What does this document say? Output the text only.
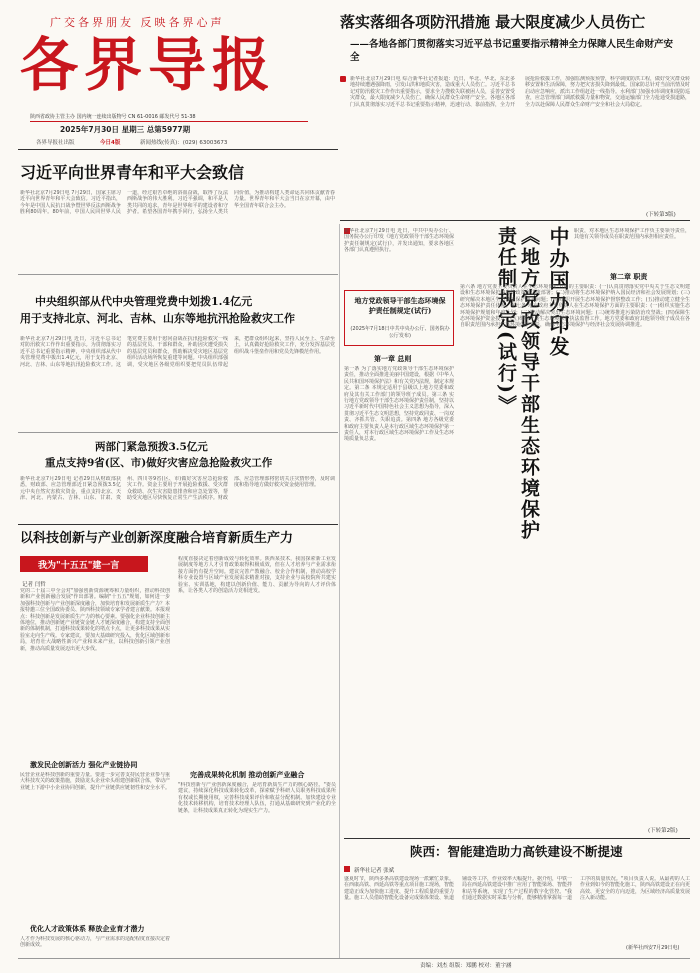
广交各界朋友 反映各界心声
各界导报
陕西省政协主管主办 国内统一连续出版物号 CN 61-0016 邮发代号 51-38
2025年7月30日 星期三 总第5977期
各界导报社出版	今日4版	新闻热线(传真)：(029) 63003673
落实落细各项防汛措施 最大限度减少人员伤亡
——各地各部门贯彻落实习近平总书记重要指示精神全力保障人民生命财产安全
新华社北京7月29日电 综合新华社记者报道：近日，华北、华北、东北多地持续遭遇强降雨，引发山洪和地质灾害，造成重大人员伤亡。习近平总书记对防汛救灾工作作出重要指示，要求全力搜救失联被困人员，妥善安置受灾群众，最大限度减少人员伤亡，确保人民群众生命财产安全。各地区各部门认真贯彻落实习近平总书记重要指示精神，迅速行动、靠前指挥，全力开展抢险救援工作，加强监测预报预警，科学调度防洪工程，做好受灾群众转移安置和生活保障，努力把灾害损失降到最低。国家防总针对当前汛情及时启动应急响应，派出工作组赶赴一线指导。水利部门加强水库调度和堤防巡查，应急管理部门调派救援力量和物资，交通运输部门全力抢通受损道路，全力以赴保障人民群众生命财产安全和社会大局稳定。
(下转第3版)
习近平向世界青年和平大会致信
新华社北京7月29日电 7月29日，国家主席习近平向世界青年和平大会致信。习近平指出，今年是中国人民抗日战争暨世界反法西斯战争胜利80周年。80年前，中国人民同世界人民一道，经过艰苦卓绝的浴血奋战，取得了反法西斯战争的伟大胜利。习近平强调，和平是人类共同的追求，青年是世界和平的建设者和守护者。希望各国青年携手同行，弘扬全人类共同价值，为推动构建人类命运共同体贡献青春力量。世界青年和平大会当日在京开幕，由中华全国青年联合会主办。
中央组织部从代中央管理党费中划拨1.4亿元
用于支持北京、河北、吉林、山东等地抗汛抢险救灾工作
新华社北京7月29日电 近日，习近平总书记对防汛救灾工作作出重要指示。为贯彻落实习近平总书记重要指示精神，中央组织部从代中央管理党费中拨出1.4亿元，用于支持北京、河北、吉林、山东等地抗汛抢险救灾工作。这笔党费主要用于慰问奋战在抗汛抢险救灾一线的基层党员、干部和群众，补助因灾遭受损失的基层党员和群众，帮助解决受灾地区基层党组织活动场所恢复重建等问题。中央组织部强调，受灾地区各级党组织要把党员队伍带起来，把群众组织起来，坚持人民至上、生命至上，认真做好抢险救灾工作，充分发挥基层党组织战斗堡垒作用和党员先锋模范作用。
两部门紧急预拨3.5亿元
重点支持9省(区、市)做好灾害应急抢险救灾工作
新华社北京7月29日电 记者29日从财政部获悉，财政部、应急管理部近日紧急预拨3.5亿元中央自然灾害救灾资金，重点支持北京、天津、河北、内蒙古、吉林、山东、甘肃、贵州、四川等9省(区、市)做好灾害应急抢险救灾工作。资金主要用于开展抢险救援、受灾群众救助、次生灾害隐患排查和应急处置等，帮助受灾地区尽快恢复正常生产生活秩序。财政部、应急管理部将密切关注灾情形势，及时调度和指导地方做好救灾资金使用管理。
以科技创新与产业创新深度融合培育新质生产力
我为"十五五"建一言
记者 闫哲
党的二十届三中全会对"加强创新资源统筹和力量组织，推动科技创新和产业创新融合发展"作出部署。编制"十五五"规划，如何进一步加强科技创新与产业创新深度融合，加快培育和发展新质生产力？本报特邀三位全国政协委员、陕西科技领域专家学者建言献策。本报观点：科技创新是发展新质生产力的核心要素。要强化企业科技创新主体地位，推动创新链产业链资金链人才链深度融合，构建支持全面创新的体制机制，打通科技成果转化的堵点卡点，让更多科技成果从实验室走向生产线。专家建议，要加大基础研究投入，优化区域创新布局，培育壮大战略性新兴产业和未来产业，以科技创新引领产业创新，推动高质量发展迈出更大步伐。
激发民企创新活力 强化产业链协同
民营企业是科技创新的重要力量。要进一步完善支持民营企业参与重大科技攻关的政策措施，鼓励龙头企业牵头组建创新联合体，带动产业链上下游中小企业协同创新，提升产业链供应链韧性和安全水平。
优化人才政策体系 释放企业育才潜力
人才作为科技发展的核心驱动力，与产业需求的适配程度直接决定着创新成效。
程度直接决定着创新成效与转化效率。陕西某技术，我国探索新工业发展制度等地方人才引育政策取得积极成效，但在人才培养与产业需求衔接方面仍有提升空间。建议完善产教融合、校企合作机制，推动高校学科专业设置与区域产业发展需求精准对接，支持企业与高校院所共建实验室、实训基地，构建以创新价值、能力、贡献为导向的人才评价体系，让各类人才的创造活力竞相迸发。
完善成果转化机制 推动创新产业融合
"科技创新与产业创新深度融合，是培育新质生产力的核心路径。"委员建议，持续深化科技成果转化改革，探索赋予科研人员职务科技成果所有权或长期使用权，完善科技成果评价和收益分配机制。加快建设专业化技术转移机构，培育技术经理人队伍，打通从基础研究到产业化的全链条，让科技成果真正转化为现实生产力。
新华社北京7月29日电 近日，中共中央办公厅、国务院办公厅印发《地方党政领导干部生态环境保护责任制规定(试行)》，并发出通知，要求各地区各部门认真遵照执行。
地方党政领导干部生态环境保护责任制规定(试行)
(2025年7月18日中共中央办公厅、国务院办公厅发布)
第一章 总则
第一条 为了落实地方党政领导干部生态环境保护责任，推动全面推进美丽中国建设，根据《中华人民共和国环境保护法》和有关党内法规，制定本规定。第二条 本规定适用于县级以上地方党委和政府及其有关工作部门的领导班子成员。第三条 实行地方党政领导干部生态环境保护责任制，坚持以习近平新时代中国特色社会主义思想为指导，深入贯彻习近平生态文明思想，坚持党政同责、一岗双责、齐抓共管、失职追责。第四条 地方各级党委和政府主要负责人是本行政区域生态环境保护第一责任人，对本行政区域生态环境保护工作及生态环境质量负总责。
中办国办印发
《地方党政领导干部生态环境保护责任制规定(试行)》	职责，对本地区生态环境保护工作负主要领导责任，其他有关领导成员在职责范围内承担相应责任。
第二章 职责
第六条 地方党委主要负责人在生态环境保护方面的主要职责：(一)认真贯彻落实党中央关于生态文明建设和生态环境保护的方针政策和决策部署；(二)推动将生态环境保护纳入国民经济和社会发展规划；(三)研究解决本地区生态环境保护重大问题；(四)组织开展生态环境保护督察整改工作；(五)推动建立健全生态环境保护责任体系。第七条 地方政府主要负责人在生态环境保护方面的主要职责：(一)组织实施生态环境保护规划和年度计划；(二)推动解决突出生态环境问题；(三)统筹推进污染防治攻坚战；(四)保障生态环境保护资金投入；(五)组织开展生态环境保护执法监督工作。地方党委和政府其他领导班子成员在各自职责范围内承担生态环境保护责任，确保生态环境保护与经济社会发展协调推进。
(下转第2版)
陕西：智能建造助力高铁建设不断提速
新华社记者 张斌
盛夏时节，陕西多条高铁建设现场一派繁忙景象。在西康高铁、西延高铁等重点项目施工现场，智能建造正成为加快施工进度、提升工程质量的重要力量。施工人员借助智能化设备完成梁体架设、轨道铺设等工序，作业效率大幅提升。据介绍，中铁一局在西延高铁建设中推广应用了智能梁场、智能拌和站等系统，实现了生产过程的数字化管控。"我们通过数据实时采集与分析，能够精准掌握每一道工序的质量状况。"项目负责人说。从最初的人工作业到如今的智能化施工，陕西高铁建设正在向更高效、更安全的方向迈进，为区域经济高质量发展注入新动能。
(新华社西安7月29日电)
责编：刘杰 组版：郑鹏 校对：董宇涵
